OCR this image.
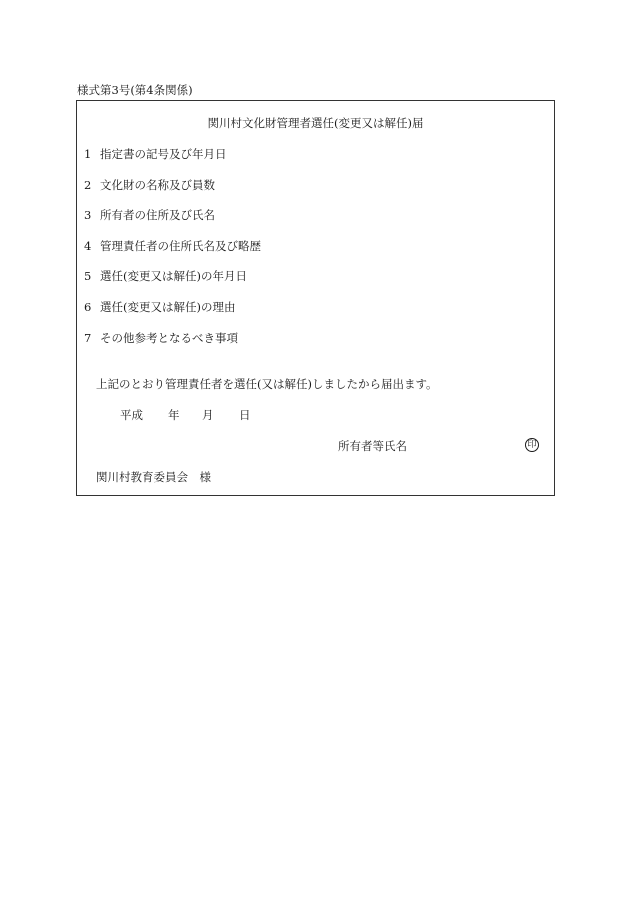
様式第3号(第4条関係)
関川村文化財管理者選任(変更又は解任)届
1 指定書の記号及び年月日
2 文化財の名称及び員数
3 所有者の住所及び氏名
4 管理責任者の住所氏名及び略歴
5 選任(変更又は解任)の年月日
6 選任(変更又は解任)の理由
7 その他参考となるべき事項
上記のとおり管理責任者を選任(又は解任)しましたから届出ます。
平成 年 月 日
所有者等氏名	印
関川村教育委員会　様
